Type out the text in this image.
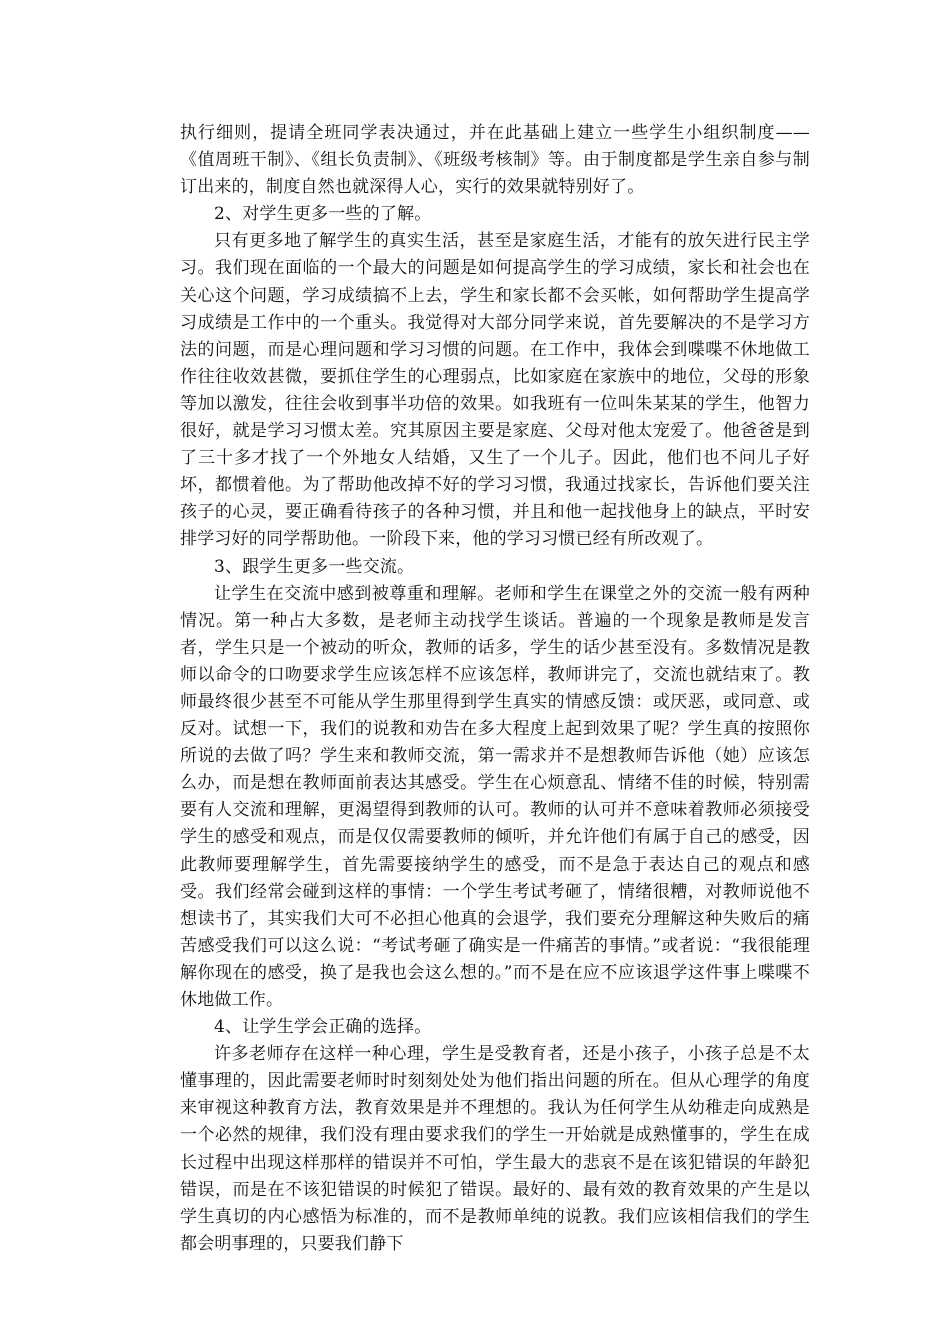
执行细则，提请全班同学表决通过，并在此基础上建立一些学生小组织制度——《值周班干制》、《组长负责制》、《班级考核制》等。由于制度都是学生亲自参与制订出来的，制度自然也就深得人心，实行的效果就特别好了。

2、对学生更多一些的了解。

只有更多地了解学生的真实生活，甚至是家庭生活，才能有的放矢进行民主学习。我们现在面临的一个最大的问题是如何提高学生的学习成绩，家长和社会也在关心这个问题，学习成绩搞不上去，学生和家长都不会买帐，如何帮助学生提高学习成绩是工作中的一个重头。我觉得对大部分同学来说，首先要解决的不是学习方法的问题，而是心理问题和学习习惯的问题。在工作中，我体会到喋喋不休地做工作往往收效甚微，要抓住学生的心理弱点，比如家庭在家族中的地位，父母的形象等加以激发，往往会收到事半功倍的效果。如我班有一位叫朱某某的学生，他智力很好，就是学习习惯太差。究其原因主要是家庭、父母对他太宠爱了。他爸爸是到了三十多才找了一个外地女人结婚，又生了一个儿子。因此，他们也不问儿子好坏，都惯着他。为了帮助他改掉不好的学习习惯，我通过找家长，告诉他们要关注孩子的心灵，要正确看待孩子的各种习惯，并且和他一起找他身上的缺点，平时安排学习好的同学帮助他。一阶段下来，他的学习习惯已经有所改观了。

3、跟学生更多一些交流。

让学生在交流中感到被尊重和理解。老师和学生在课堂之外的交流一般有两种情况。第一种占大多数，是老师主动找学生谈话。普遍的一个现象是教师是发言者，学生只是一个被动的听众，教师的话多，学生的话少甚至没有。多数情况是教师以命令的口吻要求学生应该怎样不应该怎样，教师讲完了，交流也就结束了。教师最终很少甚至不可能从学生那里得到学生真实的情感反馈：或厌恶，或同意、或反对。试想一下，我们的说教和劝告在多大程度上起到效果了呢？学生真的按照你所说的去做了吗？学生来和教师交流，第一需求并不是想教师告诉他（她）应该怎么办，而是想在教师面前表达其感受。学生在心烦意乱、情绪不佳的时候，特别需要有人交流和理解，更渴望得到教师的认可。教师的认可并不意味着教师必须接受学生的感受和观点，而是仅仅需要教师的倾听，并允许他们有属于自己的感受，因此教师要理解学生，首先需要接纳学生的感受，而不是急于表达自己的观点和感受。我们经常会碰到这样的事情：一个学生考试考砸了，情绪很糟，对教师说他不想读书了，其实我们大可不必担心他真的会退学，我们要充分理解这种失败后的痛苦感受我们可以这么说：“考试考砸了确实是一件痛苦的事情。”或者说：“我很能理解你现在的感受，换了是我也会这么想的。”而不是在应不应该退学这件事上喋喋不休地做工作。

4、让学生学会正确的选择。

许多老师存在这样一种心理，学生是受教育者，还是小孩子，小孩子总是不太懂事理的，因此需要老师时时刻刻处处为他们指出问题的所在。但从心理学的角度来审视这种教育方法，教育效果是并不理想的。我认为任何学生从幼稚走向成熟是一个必然的规律，我们没有理由要求我们的学生一开始就是成熟懂事的，学生在成长过程中出现这样那样的错误并不可怕，学生最大的悲哀不是在该犯错误的年龄犯错误，而是在不该犯错误的时候犯了错误。最好的、最有效的教育效果的产生是以学生真切的内心感悟为标准的，而不是教师单纯的说教。我们应该相信我们的学生都会明事理的，只要我们静下
